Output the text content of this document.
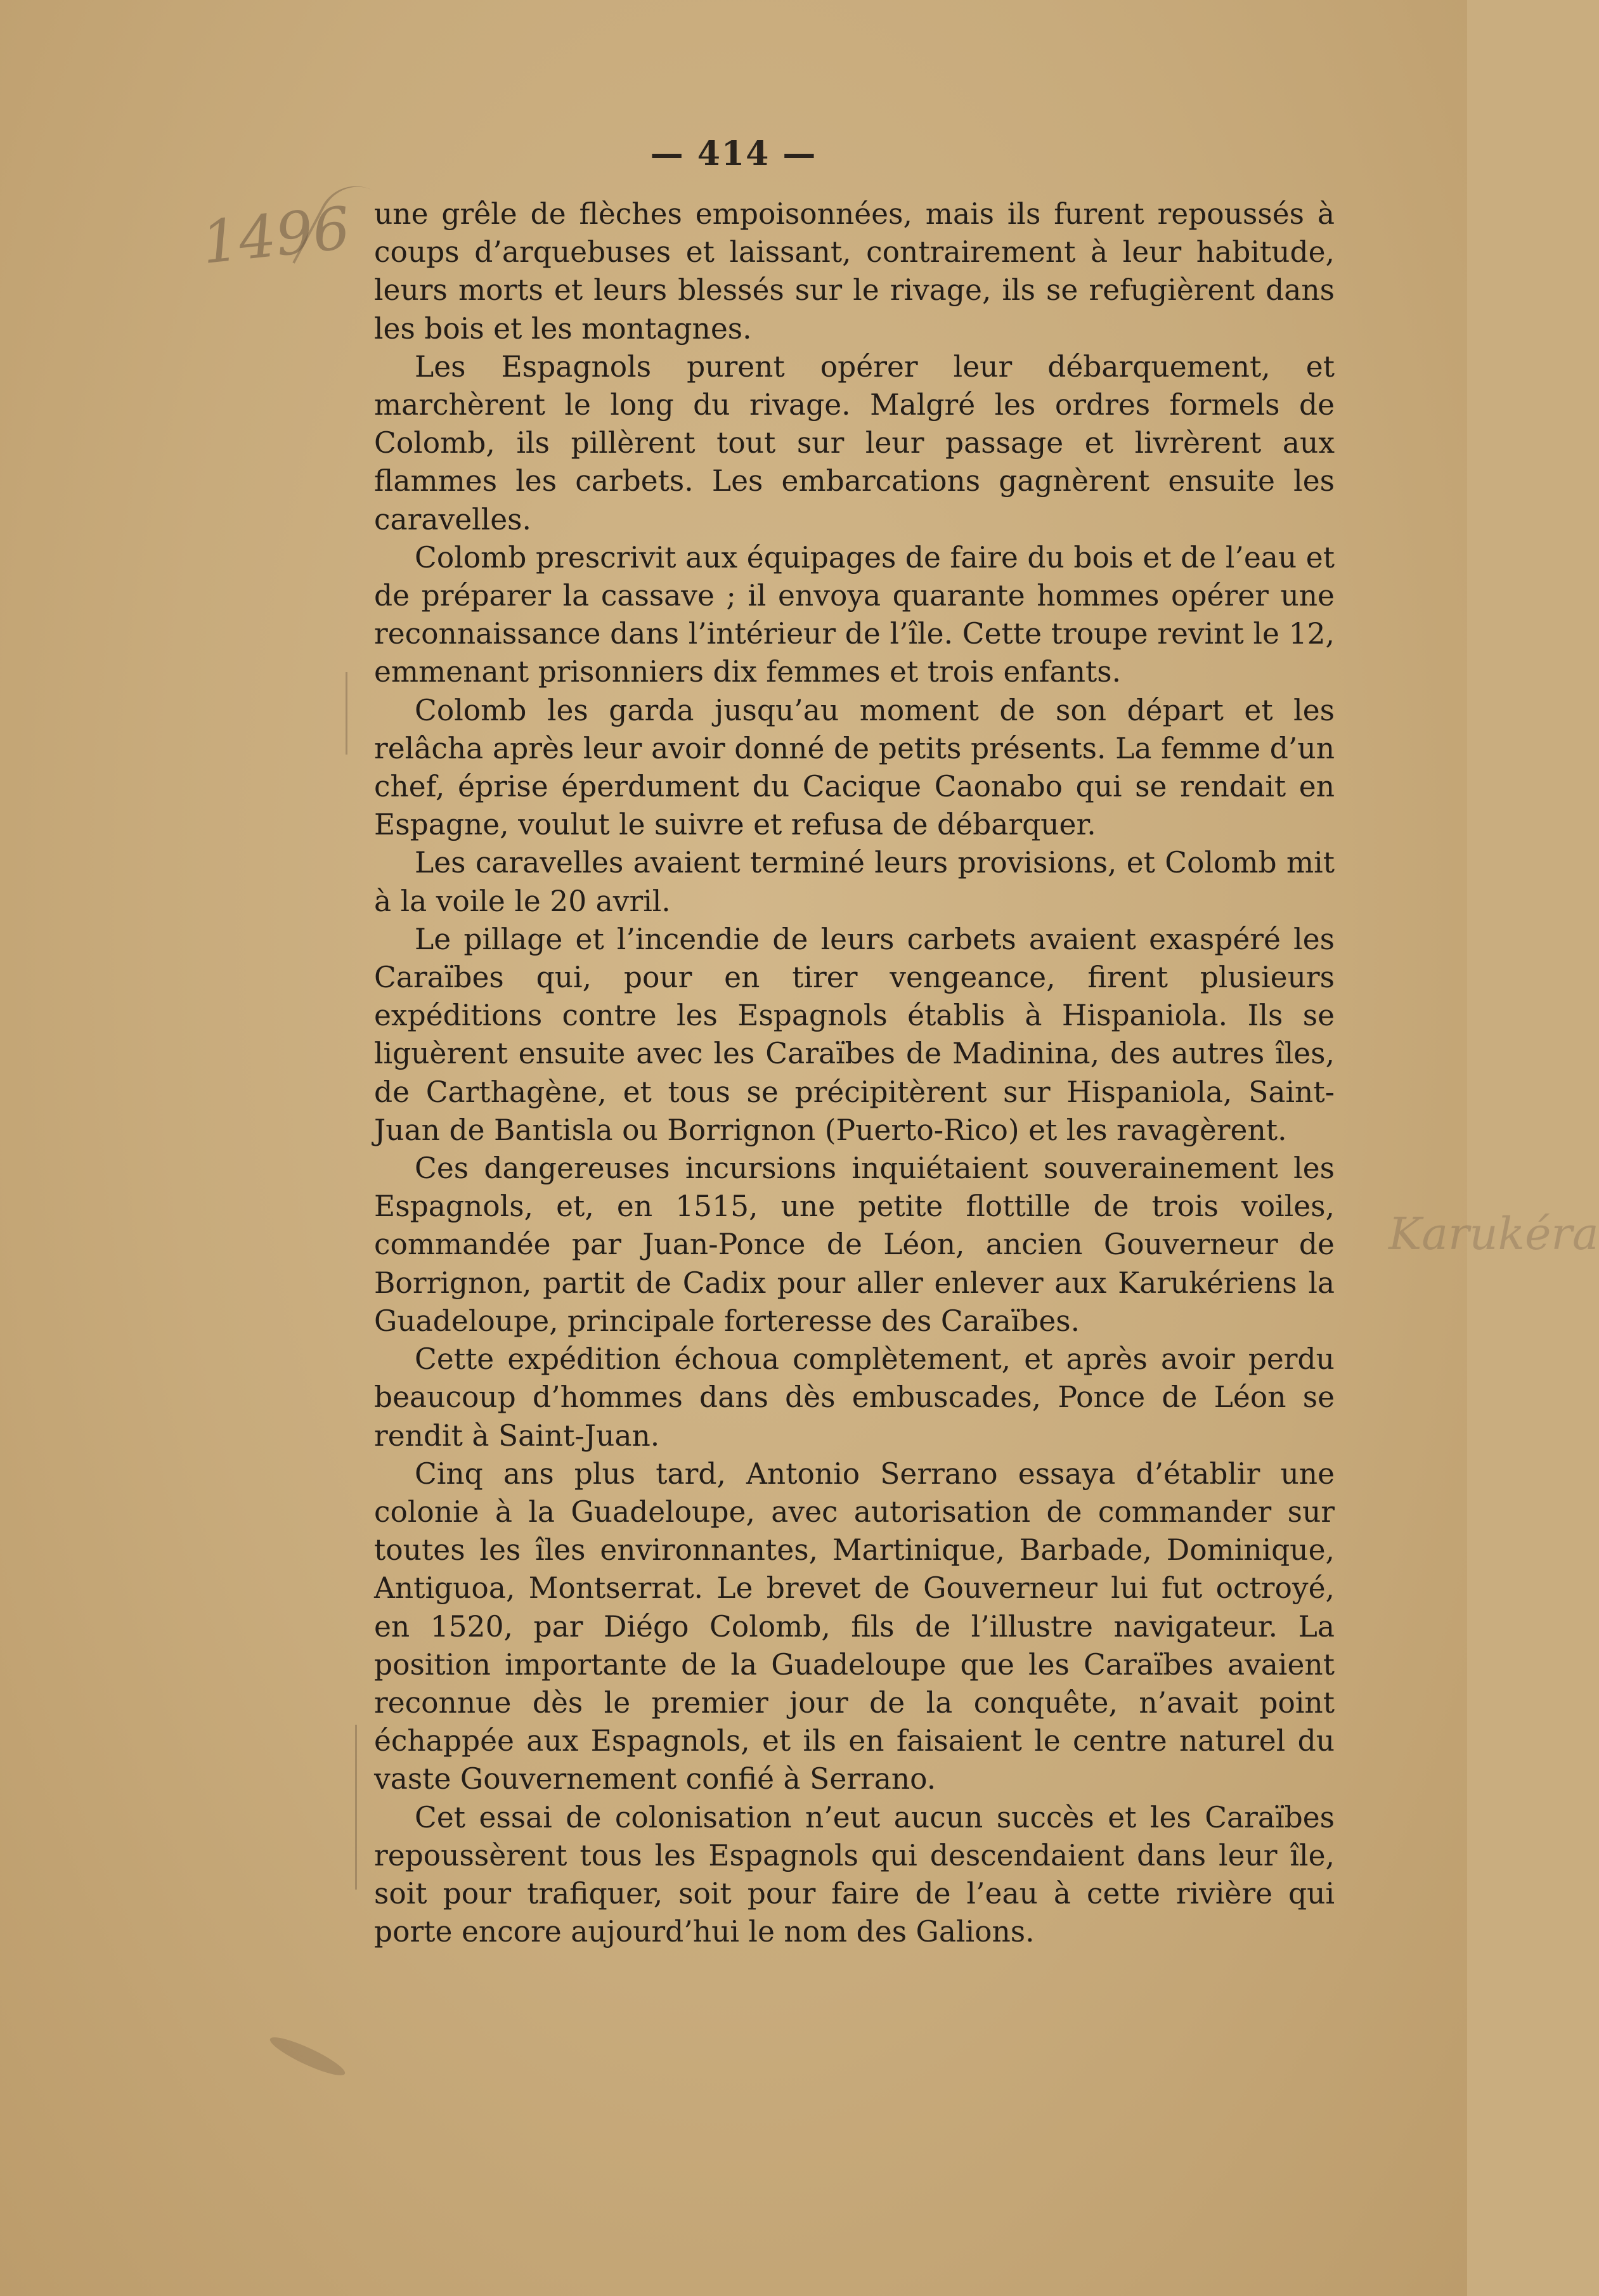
— 414 —
1496
Karukéra

une grêle de flèches empoisonnées, mais ils furent repoussés à coups d’arquebuses et laissant, contrairement à leur habitude, leurs morts et leurs blessés sur le rivage, ils se refugièrent dans les bois et les montagnes.

Les Espagnols purent opérer leur débarquement, et marchèrent le long du rivage. Malgré les ordres formels de Colomb, ils pillèrent tout sur leur passage et livrèrent aux flammes les carbets. Les embarcations gagnèrent ensuite les caravelles.

Colomb prescrivit aux équipages de faire du bois et de l’eau et de préparer la cassave ; il envoya quarante hommes opérer une reconnaissance dans l’intérieur de l’île. Cette troupe revint le 12, emmenant prisonniers dix femmes et trois enfants.

Colomb les garda jusqu’au moment de son départ et les relâcha après leur avoir donné de petits présents. La femme d’un chef, éprise éperdument du Cacique Caonabo qui se rendait en Espagne, voulut le suivre et refusa de débarquer.

Les caravelles avaient terminé leurs provisions, et Colomb mit à la voile le 20 avril.

Le pillage et l’incendie de leurs carbets avaient exaspéré les Caraïbes qui, pour en tirer vengeance, firent plusieurs expéditions contre les Espagnols établis à Hispaniola. Ils se liguèrent ensuite avec les Caraïbes de Madinina, des autres îles, de Carthagène, et tous se précipitèrent sur Hispaniola, Saint-Juan de Bantisla ou Borrignon (Puerto-Rico) et les ravagèrent.

Ces dangereuses incursions inquiétaient souverainement les Espagnols, et, en 1515, une petite flottille de trois voiles, commandée par Juan-Ponce de Léon, ancien Gouverneur de Borrignon, partit de Cadix pour aller enlever aux Karukériens la Guadeloupe, principale forteresse des Caraïbes.

Cette expédition échoua complètement, et après avoir perdu beaucoup d’hommes dans dès embuscades, Ponce de Léon se rendit à Saint-Juan.

Cinq ans plus tard, Antonio Serrano essaya d’établir une colonie à la Guadeloupe, avec autorisation de commander sur toutes les îles environnantes, Martinique, Barbade, Dominique, Antiguoa, Montserrat. Le brevet de Gouverneur lui fut octroyé, en 1520, par Diégo Colomb, fils de l’illustre navigateur. La position importante de la Guadeloupe que les Caraïbes avaient reconnue dès le premier jour de la conquête, n’avait point échappée aux Espagnols, et ils en faisaient le centre naturel du vaste Gouvernement confié à Serrano.

Cet essai de colonisation n’eut aucun succès et les Caraïbes repoussèrent tous les Espagnols qui descendaient dans leur île, soit pour trafiquer, soit pour faire de l’eau à cette rivière qui porte encore aujourd’hui le nom des Galions.
